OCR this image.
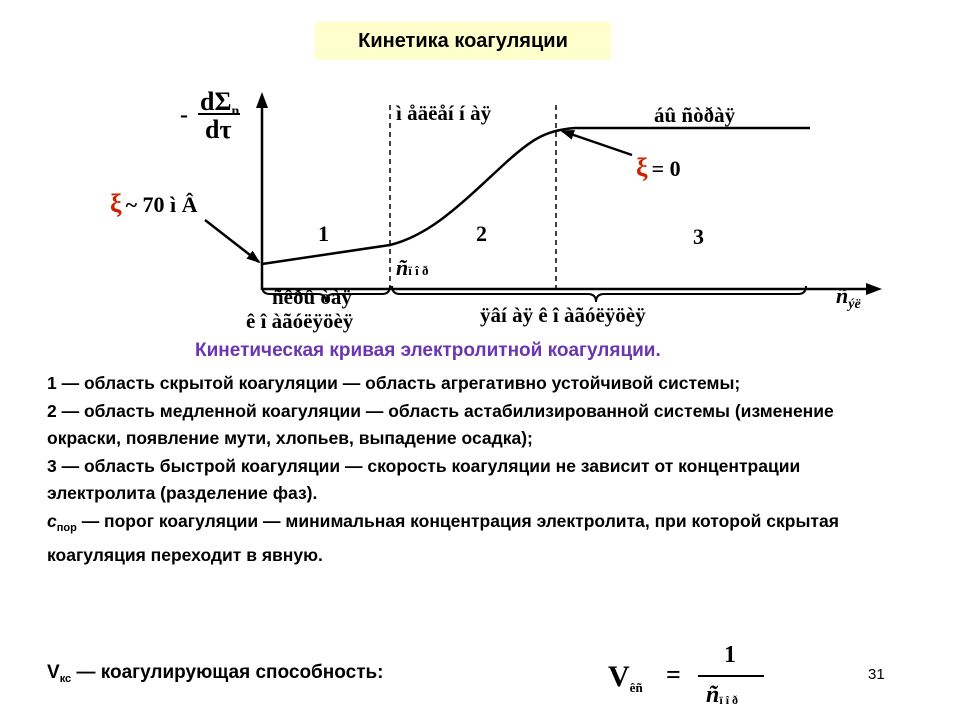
Кинетика коагуляции
- dΣn
dτ
ξ ~ 70 ì Â
ξ = 0
ì åäëåí í àÿ	áû ñòðàÿ
1	2	3
ñï î ð
$ñ_{ýë}$
ñêðû òàÿ
ê î àãóëÿöèÿ	ÿâí àÿ ê î àãóëÿöèÿ
Кинетическая кривая электролитной коагуляции.

1 — область скрытой коагуляции — область агрегативно устойчивой системы;

2 — область медленной коагуляции — область астабилизированной системы (изменение окраски, появление мути, хлопьев, выпадение осадка);

3 — область быстрой коагуляции — скорость коагуляции не зависит от концентрации электролита (разделение фаз).

$c_{пор}$ — порог коагуляции — минимальная концентрация электролита, при которой скрытая коагуляция переходит в явную.

$V_{кс}$ — коагулирующая способность:	$V_{êñ}$ =
1
ñï î ð
31
